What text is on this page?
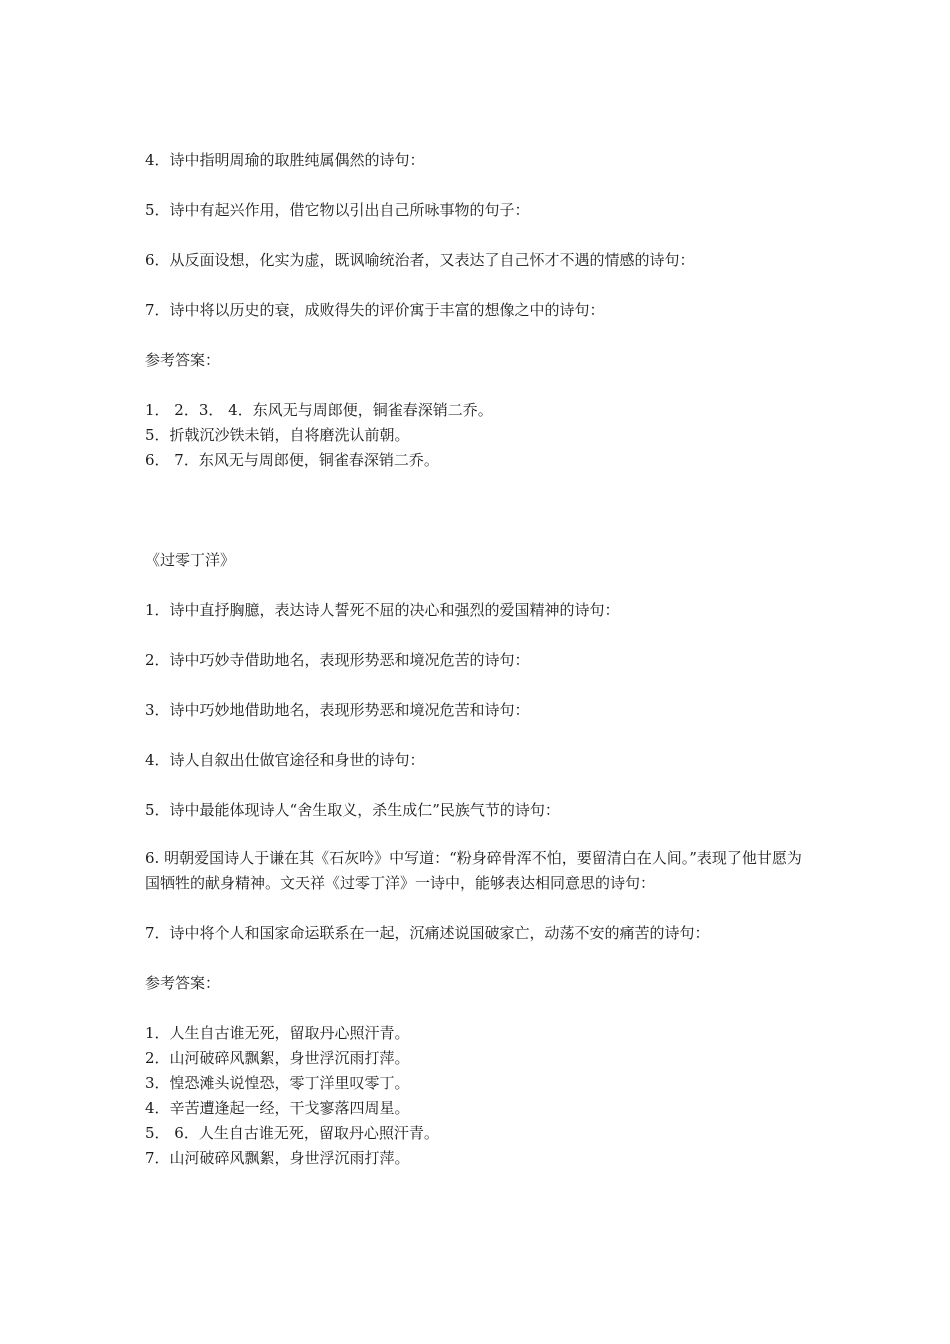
4．诗中指明周瑜的取胜纯属偶然的诗句：
5．诗中有起兴作用，借它物以引出自己所咏事物的句子：
6．从反面设想，化实为虚，既讽喻统治者，又表达了自己怀才不遇的情感的诗句：
7．诗中将以历史的衰，成败得失的评价寓于丰富的想像之中的诗句：
参考答案：
1． 2．3． 4．东风无与周郎便，铜雀春深销二乔。
5．折戟沉沙铁未销，自将磨洗认前朝。
6． 7．东风无与周郎便，铜雀春深销二乔。
《过零丁洋》
1．诗中直抒胸臆，表达诗人誓死不屈的决心和强烈的爱国精神的诗句：
2．诗中巧妙寺借助地名，表现形势恶和境况危苦的诗句：
3．诗中巧妙地借助地名，表现形势恶和境况危苦和诗句：
4．诗人自叙出仕做官途径和身世的诗句：
5．诗中最能体现诗人“舍生取义，杀生成仁”民族气节的诗句：
6. 明朝爱国诗人于谦在其《石灰吟》中写道：“粉身碎骨浑不怕，要留清白在人间。”表现了他甘愿为国牺牲的献身精神。文天祥《过零丁洋》一诗中，能够表达相同意思的诗句：
7．诗中将个人和国家命运联系在一起，沉痛述说国破家亡，动荡不安的痛苦的诗句：
参考答案：
1．人生自古谁无死，留取丹心照汗青。
2．山河破碎风飘絮，身世浮沉雨打萍。
3．惶恐滩头说惶恐，零丁洋里叹零丁。
4．辛苦遭逢起一经，干戈寥落四周星。
5． 6．人生自古谁无死，留取丹心照汗青。
7．山河破碎风飘絮，身世浮沉雨打萍。
